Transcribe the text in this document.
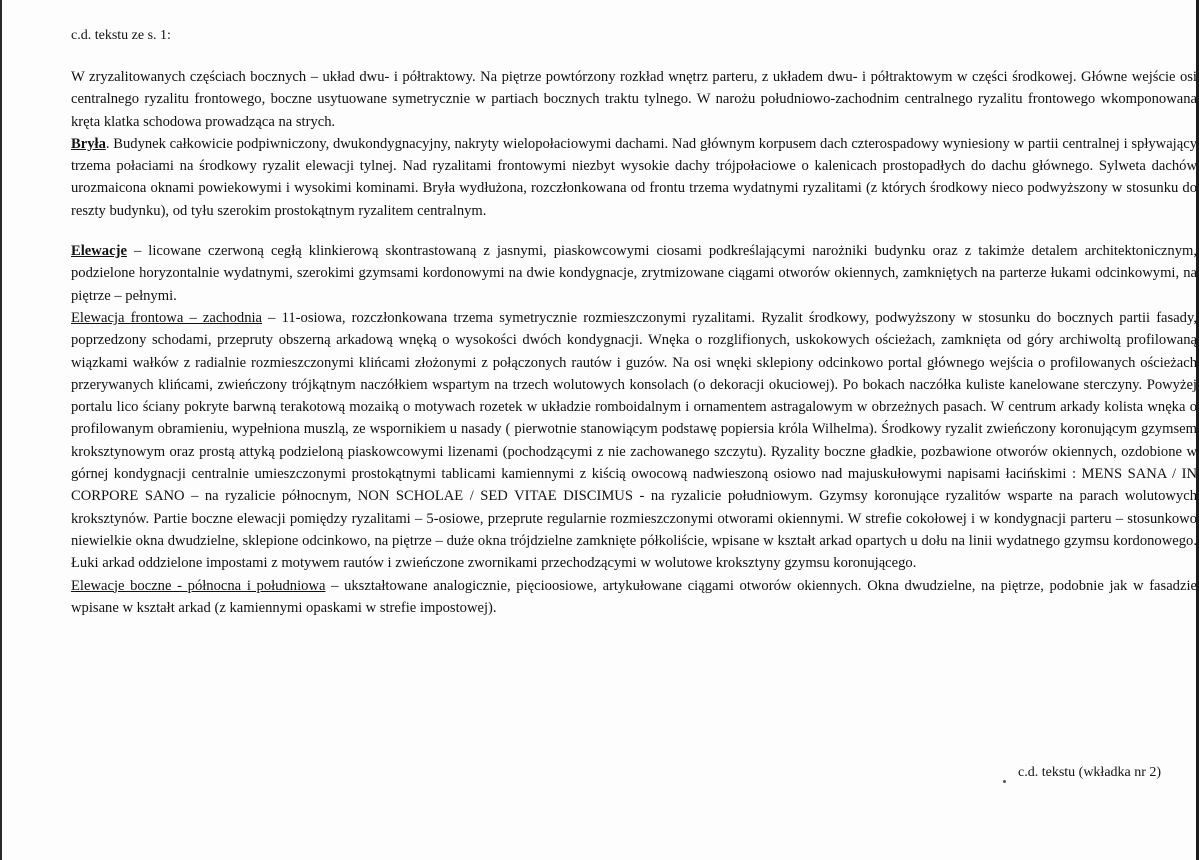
c.d. tekstu ze s. 1:

W zryzalitowanych częściach bocznych – układ dwu- i półtraktowy. Na piętrze powtórzony rozkład wnętrz parteru, z układem dwu- i półtraktowym w części środkowej. Główne wejście osi centralnego ryzalitu frontowego, boczne usytuowane symetrycznie w partiach bocznych traktu tylnego. W narożu południowo-zachodnim centralnego ryzalitu frontowego wkomponowana kręta klatka schodowa prowadząca na strych.

Bryła. Budynek całkowicie podpiwniczony, dwukondygnacyjny, nakryty wielopołaciowymi dachami. Nad głównym korpusem dach czterospadowy wyniesiony w partii centralnej i spływający trzema połaciami na środkowy ryzalit elewacji tylnej. Nad ryzalitami frontowymi niezbyt wysokie dachy trójpołaciowe o kalenicach prostopadłych do dachu głównego. Sylweta dachów urozmaicona oknami powiekowymi i wysokimi kominami. Bryła wydłużona, rozczłonkowana od frontu trzema wydatnymi ryzalitami (z których środkowy nieco podwyższony w stosunku do reszty budynku), od tyłu szerokim prostokątnym ryzalitem centralnym.

Elewacje – licowane czerwoną cegłą klinkierową skontrastowaną z jasnymi, piaskowcowymi ciosami podkreślającymi narożniki budynku oraz z takimże detalem architektonicznym, podzielone horyzontalnie wydatnymi, szerokimi gzymsami kordonowymi na dwie kondygnacje, zrytmizowane ciągami otworów okiennych, zamkniętych na parterze łukami odcinkowymi, na piętrze – pełnymi.

Elewacja frontowa – zachodnia – 11-osiowa, rozczłonkowana trzema symetrycznie rozmieszczonymi ryzalitami. Ryzalit środkowy, podwyższony w stosunku do bocznych partii fasady, poprzedzony schodami, przepruty obszerną arkadową wnęką o wysokości dwóch kondygnacji. Wnęka o rozglifionych, uskokowych ościeżach, zamknięta od góry archiwoltą profilowaną wiązkami wałków z radialnie rozmieszczonymi klińcami złożonymi z połączonych rautów i guzów. Na osi wnęki sklepiony odcinkowo portal głównego wejścia o profilowanych ościeżach przerywanych klińcami, zwieńczony trójkątnym naczółkiem wspartym na trzech wolutowych konsolach (o dekoracji okuciowej). Po bokach naczółka kuliste kanelowane sterczyny. Powyżej portalu lico ściany pokryte barwną terakotową mozaiką o motywach rozetek w układzie romboidalnym i ornamentem astragalowym w obrzeżnych pasach. W centrum arkady kolista wnęka o profilowanym obramieniu, wypełniona muszlą, ze wspornikiem u nasady ( pierwotnie stanowiącym podstawę popiersia króla Wilhelma). Środkowy ryzalit zwieńczony koronującym gzymsem kroksztynowym oraz prostą attyką podzieloną piaskowcowymi lizenami (pochodzącymi z nie zachowanego szczytu). Ryzality boczne gładkie, pozbawione otworów okiennych, ozdobione w górnej kondygnacji centralnie umieszczonymi prostokątnymi tablicami kamiennymi z kiścią owocową nadwieszoną osiowo nad majuskułowymi napisami łacińskimi : MENS SANA / IN CORPORE SANO – na ryzalicie północnym, NON SCHOLAE / SED VITAE DISCIMUS - na ryzalicie południowym. Gzymsy koronujące ryzalitów wsparte na parach wolutowych kroksztynów. Partie boczne elewacji pomiędzy ryzalitami – 5-osiowe, przeprute regularnie rozmieszczonymi otworami okiennymi. W strefie cokołowej i w kondygnacji parteru – stosunkowo niewielkie okna dwudzielne, sklepione odcinkowo, na piętrze – duże okna trójdzielne zamknięte półkoliście, wpisane w kształt arkad opartych u dołu na linii wydatnego gzymsu kordonowego. Łuki arkad oddzielone impostami z motywem rautów i zwieńczone zwornikami przechodzącymi w wolutowe kroksztyny gzymsu koronującego.

Elewacje boczne - północna i południowa – ukształtowane analogicznie, pięcioosiowe, artykułowane ciągami otworów okiennych. Okna dwudzielne, na piętrze, podobnie jak w fasadzie wpisane w kształt arkad (z kamiennymi opaskami w strefie impostowej).

c.d. tekstu (wkładka nr 2)
